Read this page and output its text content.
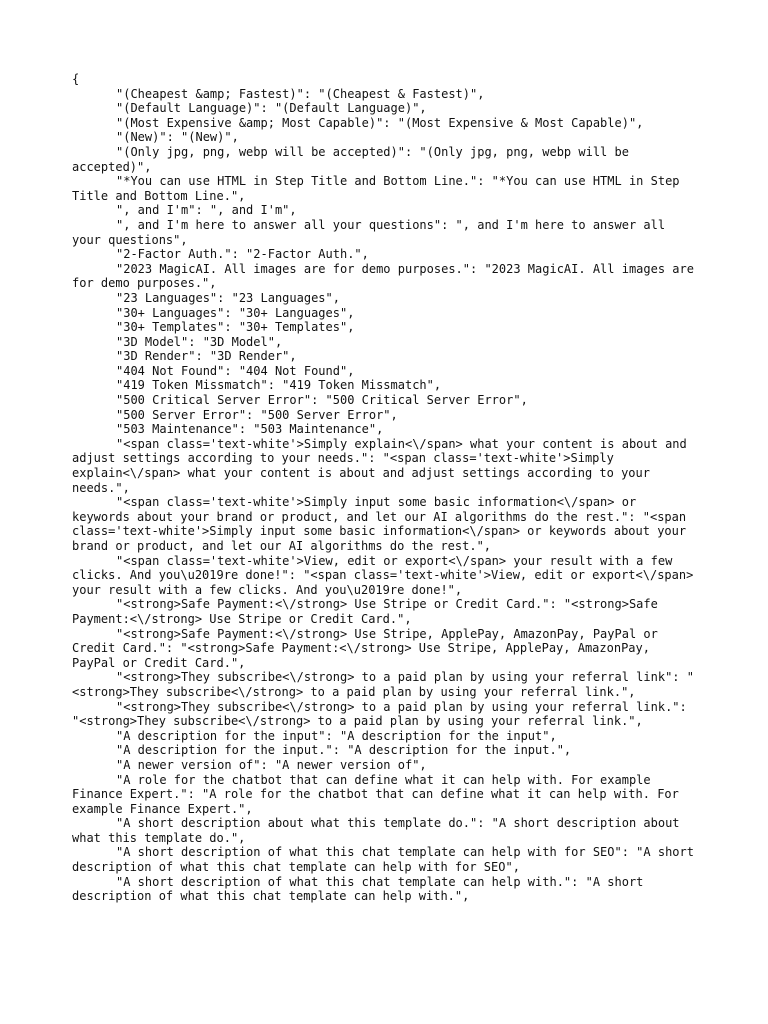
{
"(Cheapest &amp; Fastest)": "(Cheapest & Fastest)",
"(Default Language)": "(Default Language)",
"(Most Expensive &amp; Most Capable)": "(Most Expensive & Most Capable)",
"(New)": "(New)",
"(Only jpg, png, webp will be accepted)": "(Only jpg, png, webp will be accepted)",
"*You can use HTML in Step Title and Bottom Line.": "*You can use HTML in Step Title and Bottom Line.",
", and I'm": ", and I'm",
", and I'm here to answer all your questions": ", and I'm here to answer all your questions",
"2-Factor Auth.": "2-Factor Auth.",
"2023 MagicAI. All images are for demo purposes.": "2023 MagicAI. All images are for demo purposes.",
"23 Languages": "23 Languages",
"30+ Languages": "30+ Languages",
"30+ Templates": "30+ Templates",
"3D Model": "3D Model",
"3D Render": "3D Render",
"404 Not Found": "404 Not Found",
"419 Token Missmatch": "419 Token Missmatch",
"500 Critical Server Error": "500 Critical Server Error",
"500 Server Error": "500 Server Error",
"503 Maintenance": "503 Maintenance",
"<span class='text-white'>Simply explain<\/span> what your content is about and adjust settings according to your needs.": "<span class='text-white'>Simply explain<\/span> what your content is about and adjust settings according to your needs.",
"<span class='text-white'>Simply input some basic information<\/span> or keywords about your brand or product, and let our AI algorithms do the rest.": "<span class='text-white'>Simply input some basic information<\/span> or keywords about your brand or product, and let our AI algorithms do the rest.",
"<span class='text-white'>View, edit or export<\/span> your result with a few clicks. And you\u2019re done!": "<span class='text-white'>View, edit or export<\/span> your result with a few clicks. And you\u2019re done!",
"<strong>Safe Payment:<\/strong> Use Stripe or Credit Card.": "<strong>Safe Payment:<\/strong> Use Stripe or Credit Card.",
"<strong>Safe Payment:<\/strong> Use Stripe, ApplePay, AmazonPay, PayPal or Credit Card.": "<strong>Safe Payment:<\/strong> Use Stripe, ApplePay, AmazonPay, PayPal or Credit Card.",
"<strong>They subscribe<\/strong> to a paid plan by using your referral link": "<strong>They subscribe<\/strong> to a paid plan by using your referral link.",
"<strong>They subscribe<\/strong> to a paid plan by using your referral link.": "<strong>They subscribe<\/strong> to a paid plan by using your referral link.",
"A description for the input": "A description for the input",
"A description for the input.": "A description for the input.",
"A newer version of": "A newer version of",
"A role for the chatbot that can define what it can help with. For example Finance Expert.": "A role for the chatbot that can define what it can help with. For example Finance Expert.",
"A short description about what this template do.": "A short description about what this template do.",
"A short description of what this chat template can help with for SEO": "A short description of what this chat template can help with for SEO",
"A short description of what this chat template can help with.": "A short description of what this chat template can help with.",
